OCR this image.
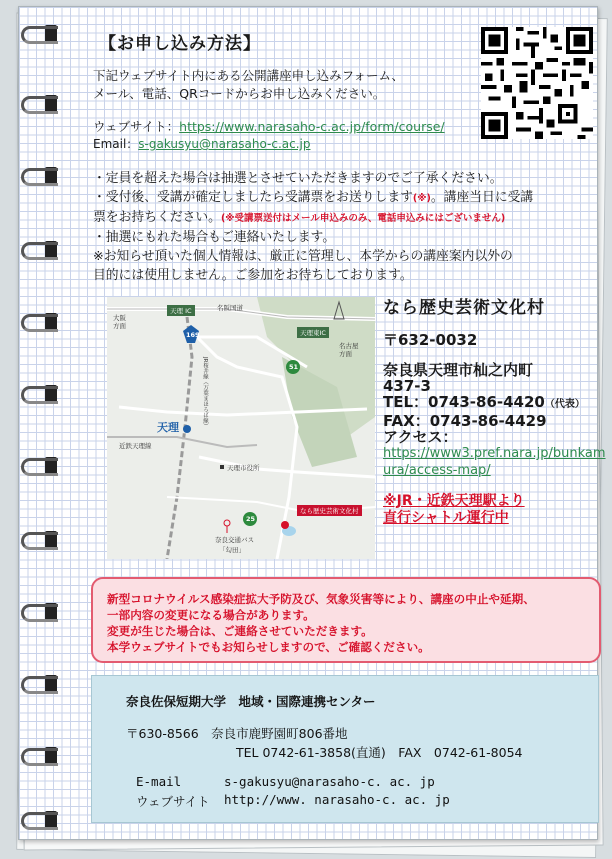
【お申し込み方法】
下記ウェブサイト内にある公開講座申し込みフォーム、
メール、電話、QRコードからお申し込みください。
ウェブサイト：https://www.narasaho-c.ac.jp/form/course/
Email：s-gakusyu@narasaho-c.ac.jp
・定員を超えた場合は抽選とさせていただきますのでご了承ください。
・受付後、受講が確定しましたら受講票をお送りします(※)。講座当日に受講
票をお持ちください。(※受講票送付はメール申込みのみ、電話申込みにはございません)
・抽選にもれた場合もご連絡いたします。
※お知らせ頂いた個人情報は、厳正に管理し、本学からの講座案内以外の
目的には使用しません。ご参加をお待ちしております。
天理 IC	名阪国道
天理東IC
大阪
方面
名古屋
方面
169
51
25
JR桜井線（万葉まほろば線）
天理
近鉄天理線
天理市役所
なら歴史芸術文化村
奈良交通バス
「勾田」
なら歴史芸術文化村
〒632-0032
奈良県天理市杣之内町
437-3
TEL：0743-86-4420（代表）
FAX：0743-86-4429
アクセス：
https://www3.pref.nara.jp/bunkamura/access-map/
※JR・近鉄天理駅より
直行シャトル運行中
新型コロナウイルス感染症拡大予防及び、気象災害等により、講座の中止や延期、
一部内容の変更になる場合があります。
変更が生じた場合は、ご連絡させていただきます。
本学ウェブサイトでもお知らせしますので、ご確認ください。
奈良佐保短期大学　地域・国際連携センター
〒630-8566　奈良市鹿野園町806番地
TEL 0742-61-3858(直通)　FAX　0742-61-8054
E-mail	s-gakusyu@narasaho-c. ac. jp
ウェブサイト http://www. narasaho-c. ac. jp
